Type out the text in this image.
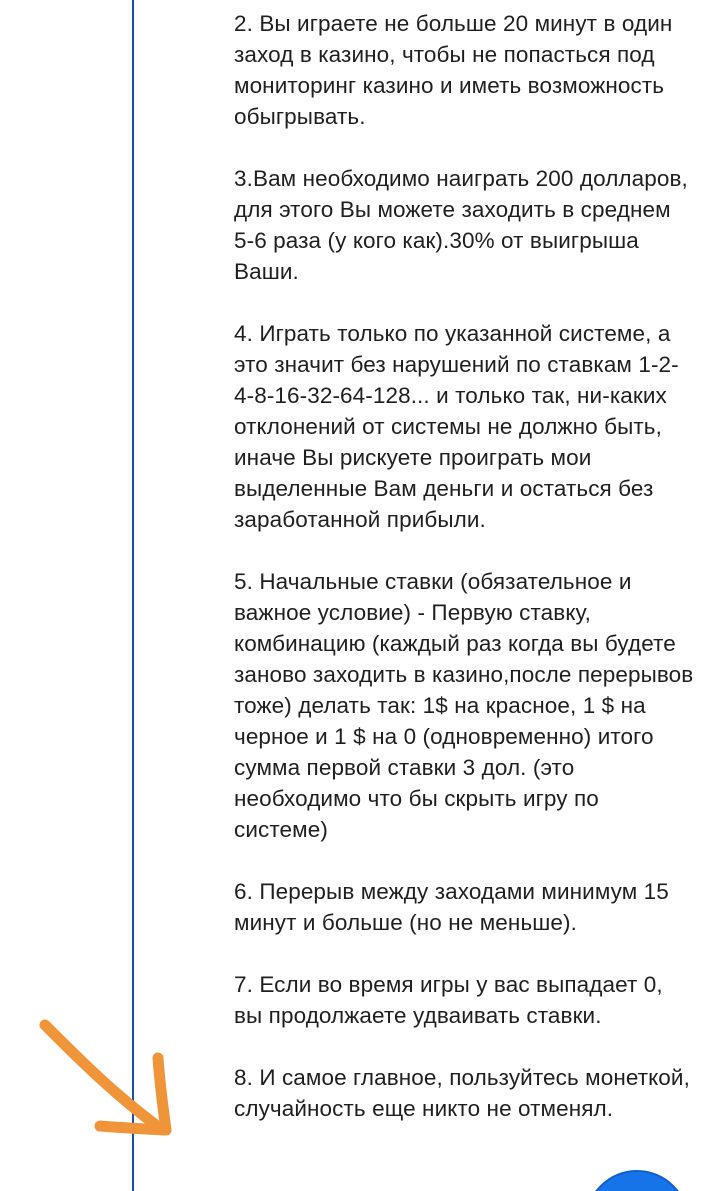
2. Вы играете не больше 20 минут в один заход в казино, чтобы не попасться под мониторинг казино и иметь возможность обыгрывать.

3.Вам необходимо наиграть 200 долларов, для этого Вы можете заходить в среднем 5-6 раза (у кого как).30% от выигрыша Ваши.

4. Играть только по указанной системе, а это значит без нарушений по ставкам 1-2-4-8-16-32-64-128... и только так, ни-каких отклонений от системы не должно быть, иначе Вы рискуете проиграть мои выделенные Вам деньги и остаться без заработанной прибыли.

5. Начальные ставки (обязательное и важное условие) - Первую ставку, комбинацию (каждый раз когда вы будете заново заходить в казино,после перерывов тоже) делать так: 1$ на красное, 1 $ на черное и 1 $ на 0 (одновременно) итого сумма первой ставки 3 дол. (это необходимо что бы скрыть игру по системе)

6. Перерыв между заходами минимум 15 минут и больше (но не меньше).

7. Если во время игры у вас выпадает 0, вы продолжаете удваивать ставки.

8. И самое главное, пользуйтесь монеткой, случайность еще никто не отменял.
